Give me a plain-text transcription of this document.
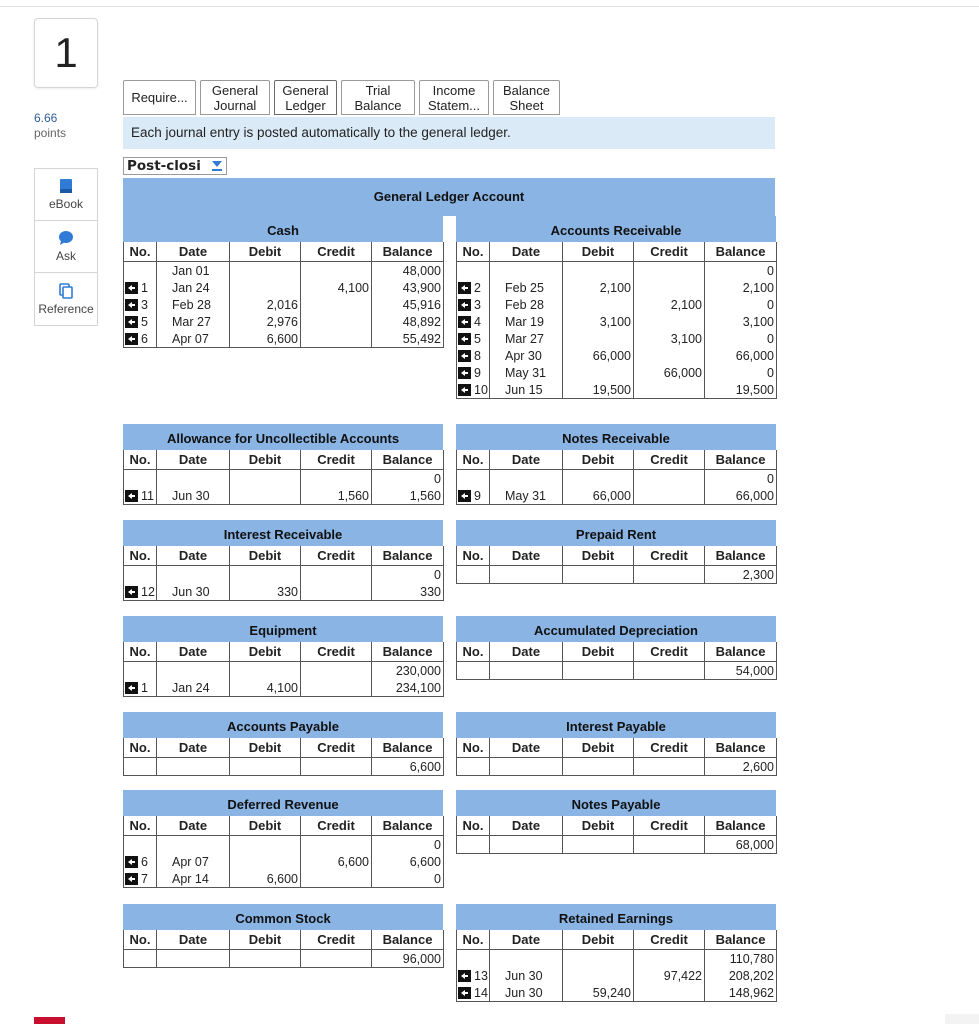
1
6.66
points
eBook
Ask
Reference
Require... General
Journal
General
Ledger
Trial
Balance
Income
Statem...
Balance
Sheet
Each journal entry is posted automatically to the general ledger.
Post-closi
General Ledger Account
Cash
No.	Date	Debit	Credit	Balance
	Jan 01			48,000
1	Jan 24		4,100	43,900
3	Feb 28	2,016		45,916
5	Mar 27	2,976		48,892
6	Apr 07	6,600		55,492
Accounts Receivable
No.	Date	Debit	Credit	Balance
				0
2	Feb 25	2,100		2,100
3	Feb 28		2,100	0
4	Mar 19	3,100		3,100
5	Mar 27		3,100	0
8	Apr 30	66,000		66,000
9	May 31		66,000	0
10	Jun 15	19,500		19,500
Allowance for Uncollectible Accounts
No.	Date	Debit	Credit	Balance
				0
11	Jun 30		1,560	1,560
Notes Receivable
No.	Date	Debit	Credit	Balance
				0
9	May 31	66,000		66,000
Interest Receivable
No.	Date	Debit	Credit	Balance
				0
12	Jun 30	330		330
Prepaid Rent
No.	Date	Debit	Credit	Balance
				2,300
Equipment
No.	Date	Debit	Credit	Balance
				230,000
1	Jan 24	4,100		234,100
Accumulated Depreciation
No.	Date	Debit	Credit	Balance
				54,000
Accounts Payable
No.	Date	Debit	Credit	Balance
				6,600
Interest Payable
No.	Date	Debit	Credit	Balance
				2,600
Deferred Revenue
No.	Date	Debit	Credit	Balance
				0
6	Apr 07		6,600	6,600
7	Apr 14	6,600		0
Notes Payable
No.	Date	Debit	Credit	Balance
				68,000
Common Stock
No.	Date	Debit	Credit	Balance
				96,000
Retained Earnings
No.	Date	Debit	Credit	Balance
				110,780
13	Jun 30		97,422	208,202
14	Jun 30	59,240		148,962
